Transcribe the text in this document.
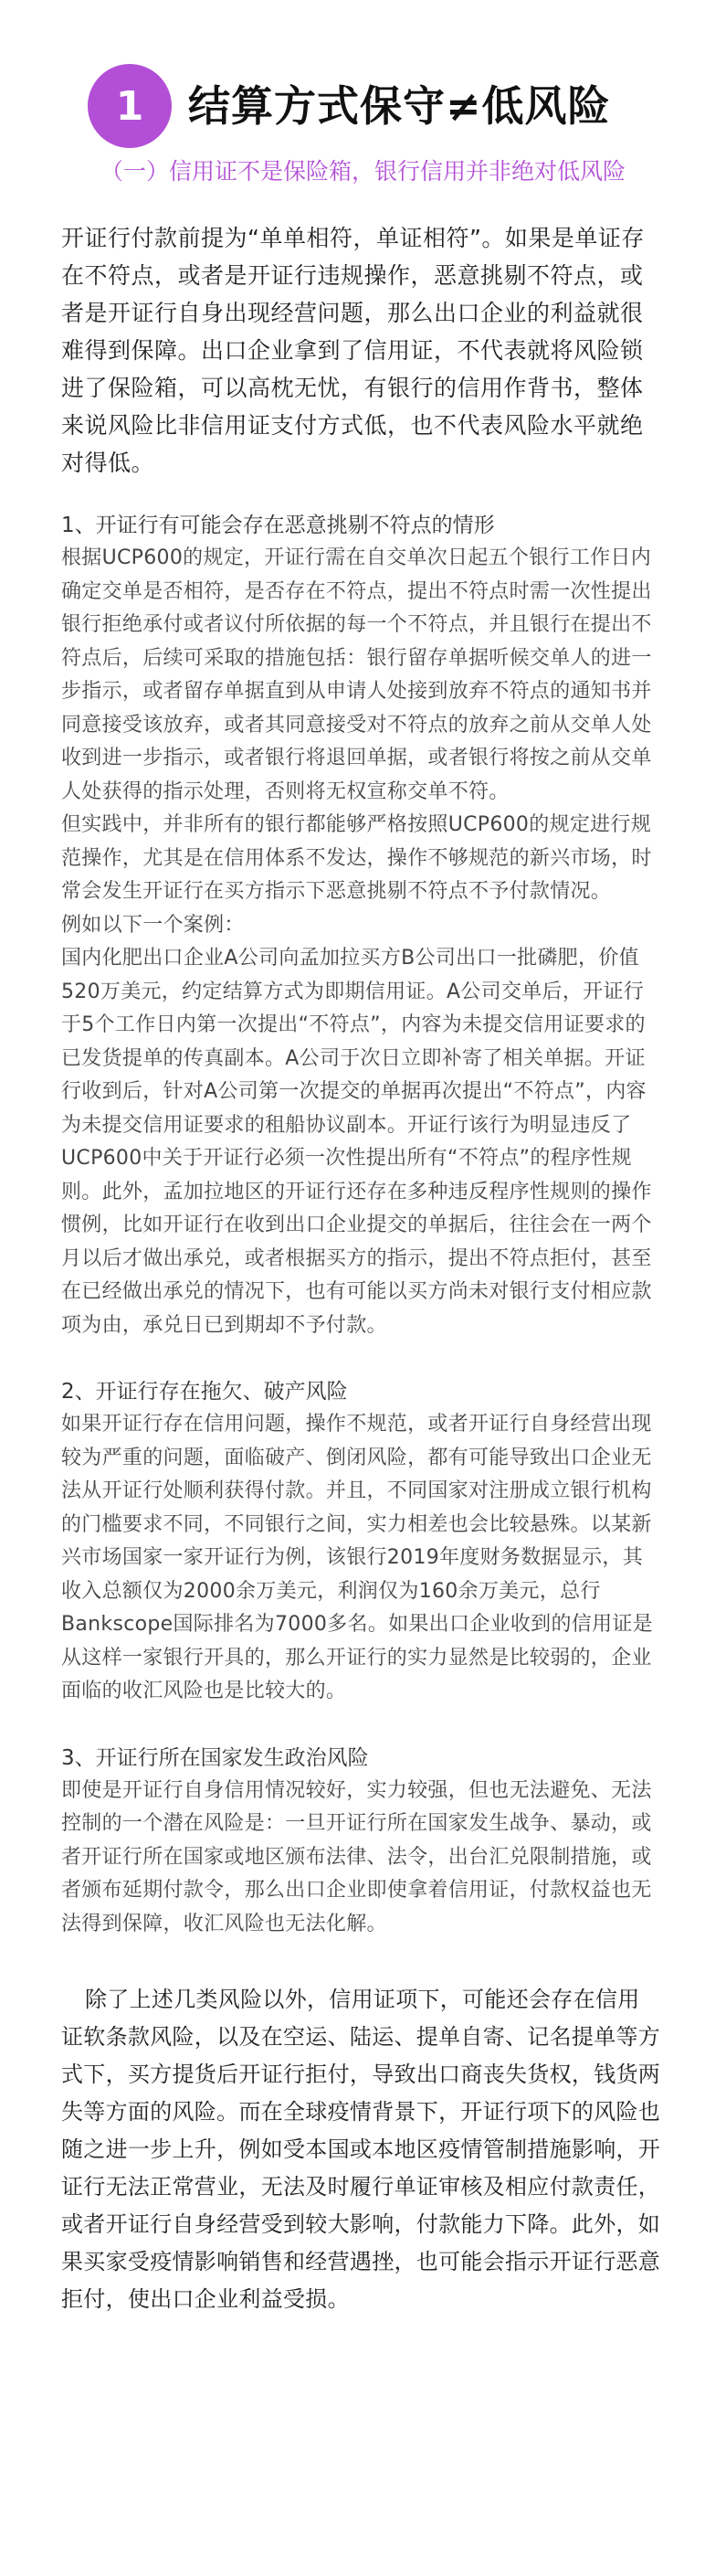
1	结算方式保守≠低风险
（一）信用证不是保险箱，银行信用并非绝对低风险

开证行付款前提为“单单相符，单证相符”。如果是单证存在不符点，或者是开证行违规操作，恶意挑剔不符点，或者是开证行自身出现经营问题，那么出口企业的利益就很难得到保障。出口企业拿到了信用证，不代表就将风险锁进了保险箱，可以高枕无忧，有银行的信用作背书，整体来说风险比非信用证支付方式低，也不代表风险水平就绝对得低。

1、开证行有可能会存在恶意挑剔不符点的情形

根据UCP600的规定，开证行需在自交单次日起五个银行工作日内确定交单是否相符，是否存在不符点，提出不符点时需一次性提出银行拒绝承付或者议付所依据的每一个不符点，并且银行在提出不符点后，后续可采取的措施包括：银行留存单据听候交单人的进一步指示，或者留存单据直到从申请人处接到放弃不符点的通知书并同意接受该放弃，或者其同意接受对不符点的放弃之前从交单人处收到进一步指示，或者银行将退回单据，或者银行将按之前从交单人处获得的指示处理，否则将无权宣称交单不符。

但实践中，并非所有的银行都能够严格按照UCP600的规定进行规范操作，尤其是在信用体系不发达，操作不够规范的新兴市场，时常会发生开证行在买方指示下恶意挑剔不符点不予付款情况。

例如以下一个案例：

国内化肥出口企业A公司向孟加拉买方B公司出口一批磷肥，价值520万美元，约定结算方式为即期信用证。A公司交单后，开证行于5个工作日内第一次提出“不符点”，内容为未提交信用证要求的已发货提单的传真副本。A公司于次日立即补寄了相关单据。开证行收到后，针对A公司第一次提交的单据再次提出“不符点”，内容为未提交信用证要求的租船协议副本。开证行该行为明显违反了UCP600中关于开证行必须一次性提出所有“不符点”的程序性规则。此外，孟加拉地区的开证行还存在多种违反程序性规则的操作惯例，比如开证行在收到出口企业提交的单据后，往往会在一两个月以后才做出承兑，或者根据买方的指示，提出不符点拒付，甚至在已经做出承兑的情况下，也有可能以买方尚未对银行支付相应款项为由，承兑日已到期却不予付款。

2、开证行存在拖欠、破产风险

如果开证行存在信用问题，操作不规范，或者开证行自身经营出现较为严重的问题，面临破产、倒闭风险，都有可能导致出口企业无法从开证行处顺利获得付款。并且，不同国家对注册成立银行机构的门槛要求不同，不同银行之间，实力相差也会比较悬殊。以某新兴市场国家一家开证行为例，该银行2019年度财务数据显示，其收入总额仅为2000余万美元，利润仅为160余万美元，总行Bankscope国际排名为7000多名。如果出口企业收到的信用证是从这样一家银行开具的，那么开证行的实力显然是比较弱的，企业面临的收汇风险也是比较大的。

3、开证行所在国家发生政治风险

即使是开证行自身信用情况较好，实力较强，但也无法避免、无法控制的一个潜在风险是：一旦开证行所在国家发生战争、暴动，或者开证行所在国家或地区颁布法律、法令，出台汇兑限制措施，或者颁布延期付款令，那么出口企业即使拿着信用证，付款权益也无法得到保障，收汇风险也无法化解。

除了上述几类风险以外，信用证项下，可能还会存在信用证软条款风险，以及在空运、陆运、提单自寄、记名提单等方式下，买方提货后开证行拒付，导致出口商丧失货权，钱货两失等方面的风险。而在全球疫情背景下，开证行项下的风险也随之进一步上升，例如受本国或本地区疫情管制措施影响，开证行无法正常营业，无法及时履行单证审核及相应付款责任，或者开证行自身经营受到较大影响，付款能力下降。此外，如果买家受疫情影响销售和经营遇挫，也可能会指示开证行恶意拒付，使出口企业利益受损。
